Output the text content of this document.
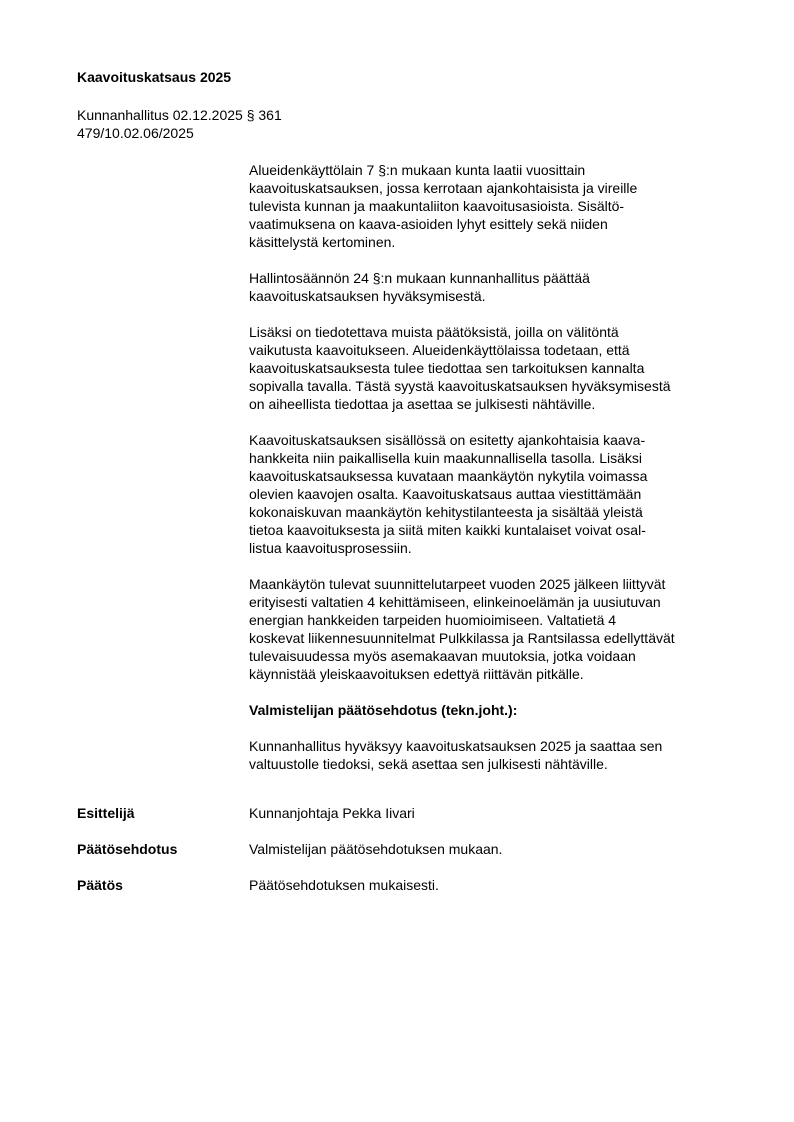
Kaavoituskatsaus 2025
Kunnanhallitus 02.12.2025 § 361
479/10.02.06/2025

Alueidenkäyttölain 7 §:n mukaan kunta laatii vuosittain
kaavoituskatsauksen, jossa kerrotaan ajankohtaisista ja vireille
tulevista kunnan ja maakuntaliiton kaavoitusasioista. Sisältö-
vaatimuksena on kaava-asioiden lyhyt esittely sekä niiden
käsittelystä kertominen.

Hallintosäännön 24 §:n mukaan kunnanhallitus päättää
kaavoituskatsauksen hyväksymisestä.

Lisäksi on tiedotettava muista päätöksistä, joilla on välitöntä
vaikutusta kaavoitukseen. Alueidenkäyttölaissa todetaan, että
kaavoituskatsauksesta tulee tiedottaa sen tarkoituksen kannalta
sopivalla tavalla. Tästä syystä kaavoituskatsauksen hyväksymisestä
on aiheellista tiedottaa ja asettaa se julkisesti nähtäville.

Kaavoituskatsauksen sisällössä on esitetty ajankohtaisia kaava-
hankkeita niin paikallisella kuin maakunnallisella tasolla. Lisäksi
kaavoituskatsauksessa kuvataan maankäytön nykytila voimassa
olevien kaavojen osalta. Kaavoituskatsaus auttaa viestittämään
kokonaiskuvan maankäytön kehitystilanteesta ja sisältää yleistä
tietoa kaavoituksesta ja siitä miten kaikki kuntalaiset voivat osal-
listua kaavoitusprosessiin.

Maankäytön tulevat suunnittelutarpeet vuoden 2025 jälkeen liittyvät
erityisesti valtatien 4 kehittämiseen, elinkeinoelämän ja uusiutuvan
energian hankkeiden tarpeiden huomioimiseen. Valtatietä 4
koskevat liikennesuunnitelmat Pulkkilassa ja Rantsilassa edellyttävät
tulevaisuudessa myös asemakaavan muutoksia, jotka voidaan
käynnistää yleiskaavoituksen edettyä riittävän pitkälle.

Valmistelijan päätösehdotus (tekn.joht.):

Kunnanhallitus hyväksyy kaavoituskatsauksen 2025 ja saattaa sen
valtuustolle tiedoksi, sekä asettaa sen julkisesti nähtäville.

Esittelijä	Kunnanjohtaja Pekka Iivari
Päätösehdotus	Valmistelijan päätösehdotuksen mukaan.
Päätös	Päätösehdotuksen mukaisesti.
